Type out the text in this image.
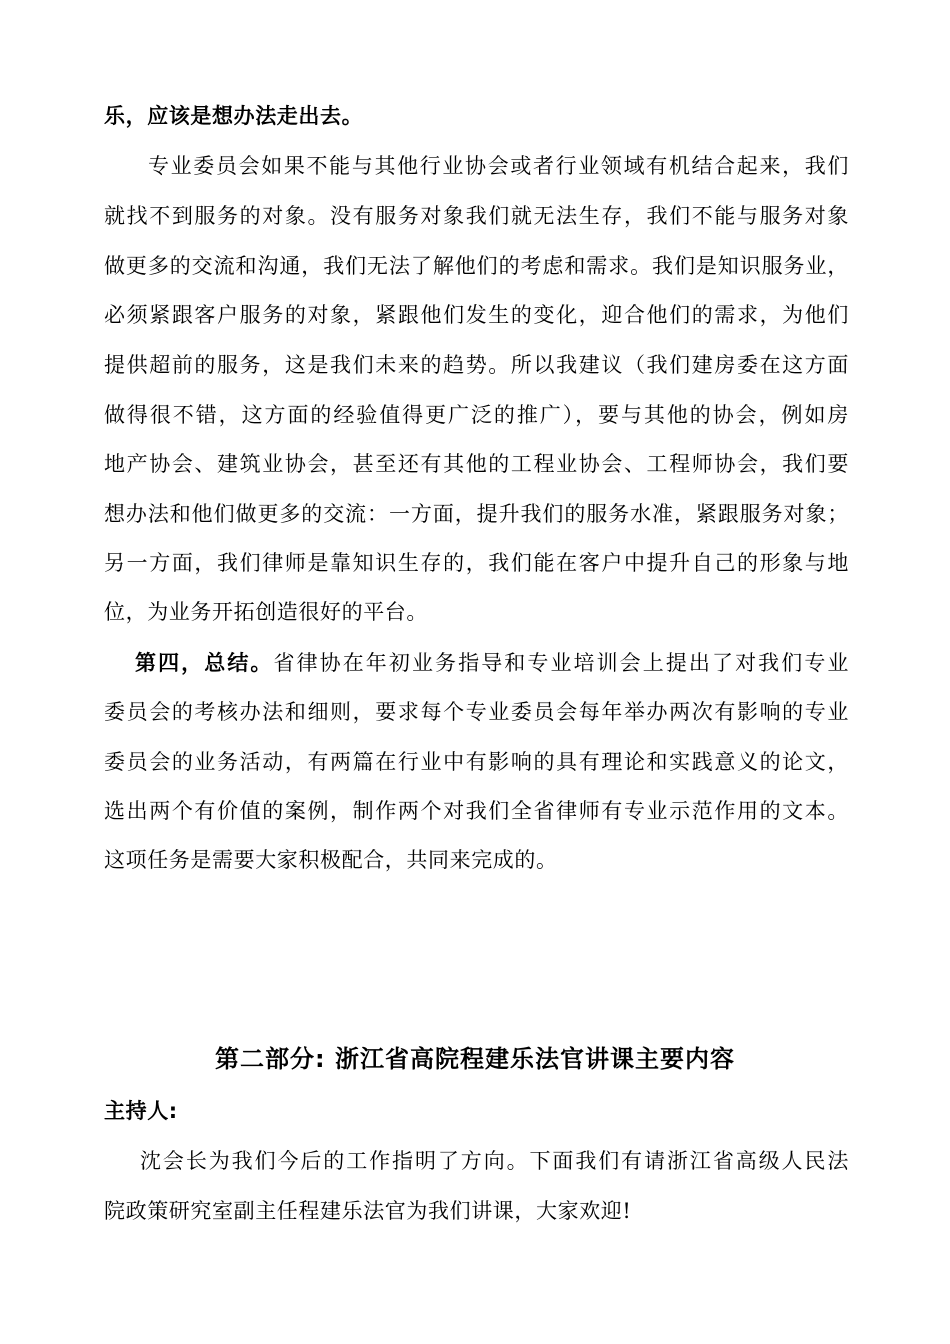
乐，应该是想办法走出去。
专业委员会如果不能与其他行业协会或者行业领域有机结合起来，我们
就找不到服务的对象。没有服务对象我们就无法生存，我们不能与服务对象
做更多的交流和沟通，我们无法了解他们的考虑和需求。我们是知识服务业，
必须紧跟客户服务的对象，紧跟他们发生的变化，迎合他们的需求，为他们
提供超前的服务，这是我们未来的趋势。所以我建议（我们建房委在这方面
做得很不错，这方面的经验值得更广泛的推广），要与其他的协会，例如房
地产协会、建筑业协会，甚至还有其他的工程业协会、工程师协会，我们要
想办法和他们做更多的交流：一方面，提升我们的服务水准，紧跟服务对象；
另一方面，我们律师是靠知识生存的，我们能在客户中提升自己的形象与地
位，为业务开拓创造很好的平台。
第四，总结。省律协在年初业务指导和专业培训会上提出了对我们专业
委员会的考核办法和细则，要求每个专业委员会每年举办两次有影响的专业
委员会的业务活动，有两篇在行业中有影响的具有理论和实践意义的论文，
选出两个有价值的案例，制作两个对我们全省律师有专业示范作用的文本。
这项任务是需要大家积极配合，共同来完成的。
第二部分: 浙江省高院程建乐法官讲课主要内容
主持人:
沈会长为我们今后的工作指明了方向。下面我们有请浙江省高级人民法
院政策研究室副主任程建乐法官为我们讲课，大家欢迎!
